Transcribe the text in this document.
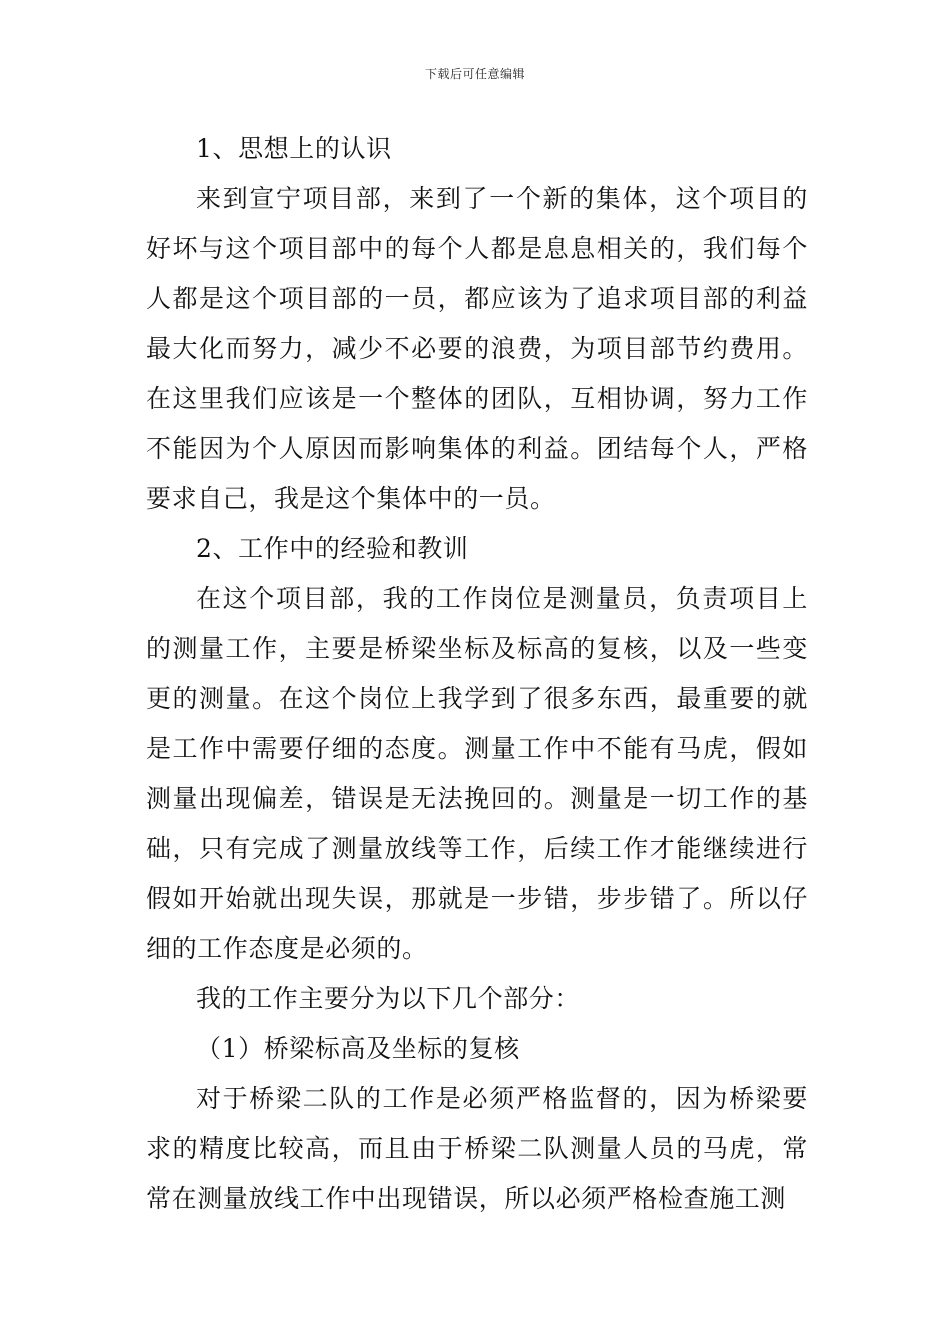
下载后可任意编辑

1、思想上的认识

来到宣宁项目部，来到了一个新的集体，这个项目的好坏与这个项目部中的每个人都是息息相关的，我们每个人都是这个项目部的一员，都应该为了追求项目部的利益最大化而努力，减少不必要的浪费，为项目部节约费用。在这里我们应该是一个整体的团队，互相协调，努力工作不能因为个人原因而影响集体的利益。团结每个人，严格要求自己，我是这个集体中的一员。

2、工作中的经验和教训

在这个项目部，我的工作岗位是测量员，负责项目上的测量工作，主要是桥梁坐标及标高的复核，以及一些变更的测量。在这个岗位上我学到了很多东西，最重要的就是工作中需要仔细的态度。测量工作中不能有马虎，假如测量出现偏差，错误是无法挽回的。测量是一切工作的基础，只有完成了测量放线等工作，后续工作才能继续进行假如开始就出现失误，那就是一步错，步步错了。所以仔细的工作态度是必须的。

我的工作主要分为以下几个部分：

（1）桥梁标高及坐标的复核

对于桥梁二队的工作是必须严格监督的，因为桥梁要求的精度比较高，而且由于桥梁二队测量人员的马虎，常常在测量放线工作中出现错误，所以必须严格检查施工测
